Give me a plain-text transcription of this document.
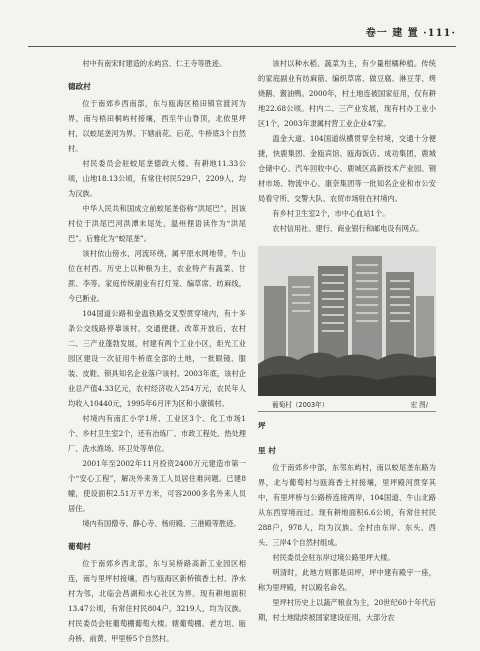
卷一 建 置 ·111·

村中有南宋时建造的永屿宫、仁王寺等胜迹。

德政村

位于南郊乡西南部，东与瓯海区梧田镇官渡河为界，南与梧田桐屿村接壤，西至牛山脊顶，北依里坪村，以蛟尾垄河为界。下辖前花、后花、牛桥底3个自然村。

村民委员会驻蛟尾垄德政大楼。有耕地11.33公顷，山地18.13公顷，有常住村民529户，2209人，均为汉族。

中华人民共和国成立前蛟尾垄俗称“洪尾巴”，因该村位于洪尾巴河洪潭末尾处，温州俚语读作为“洪尾巴”。后雅化为“蛟尾垄”。

该村依山傍水，河流环绕，属平原水网地带，牛山位在村西。历史上以种粮为主，农业特产有蔬菜、甘蔗、李等。家庭传统副业有打灯笼、编草席、纺麻线，今已断业。

104国道公路和金温铁路交叉型贯穿境内，有十多条公交线路停靠该村，交通便捷。改革开放后，农村二、三产业蓬勃发展，村建有两个工业小区，炬光工业园区建设一次征用牛桥底全部的土地，一批眼镜、服装、皮鞋、锁具知名企业落户该村。2003年底，该村企业总产值4.33亿元，农村经济收入254万元，农民年人均收入10440元，1995年6月评为区和小康镇村。

村境内有南汇小学1所、工业区3个、化工市场1个、乡村卫生室2个，还有冶炼厂、市政工程处、热处理厂、洗水渔场、环卫处等单位。

2001年至2002年11月投资2400万元建造市第一个“安心工程”，解决外来务工人员居住难问题。已建8幢，使设面积2.51万平方米，可容2000多名外来人员居住。

境内有国僧寺、静心寺、杨府殿、三港殿等胜迹。

葡萄村

位于南郊乡西北部，东与吴桥路高新工业园区相连，南与里坪村接壤，西与瓯海区新桥镇香土村、净水村为邻，北临会昌湖和水心社区为界。现有耕地面积13.47公顷，有常住村民804户，3219人，均为汉族。村民委员会驻葡萄棚葡萄大楼。辖葡萄棚、老方坦、瓯舟桥、前黄、甲里桥5个自然村。

该村以种水稻、蔬菜为主，有少量柑橘种植。传统的家庭副业有纺麻筋、编织草席、做豆腐、淋豆芽、烤烧鹅、酱油鸭。2000年，村土地连被国家征用，仅有耕地22.68公顷。村内二、三产业发展，现有村办工业小区1个，2003年隶属村营工业企业47家。

温金大道、104国道纵横贯穿全村境，交通十分便捷，快鹿集团、金瓯宾馆、瓯海饭店、成功集团，鹿城仓储中心、汽车回收中心、鹿城区高新技术产业园、钢材市场、物流中心、康奈集团等一批知名企业和市公安局看守所、交警大队、农贸市场驻在村境内。

有乡村卫生室2个，市中心血站1个。

农村信用社、建行、商业银行和邮电设有网点。

葡萄村（2003年）	宏 图/
坪
里 村

位于南郊乡中部，东邻东屿村，南以蛟尾垄东路为界，北与葡萄村与瓯海香土村接壤，里坪殿河贯穿其中，有里坪桥与公路桥连接两岸，104国道、牛山北路从东西穿境而过。现有耕地面积6.6公顷，有常住村民288户，978人，均为汉族。全村由东岸、东头、西头、三岸4个自然村组成。

村民委员会驻东岸过境公路里坪大楼。

明清时，此地方则都是田坪，坪中建有殿宇一座，称为里坪殿，村以殿名命名。

里坪村历史上以蔬产粮食为主，20世纪60十年代后期，村土地陆续被国家建设征用，大部分农
